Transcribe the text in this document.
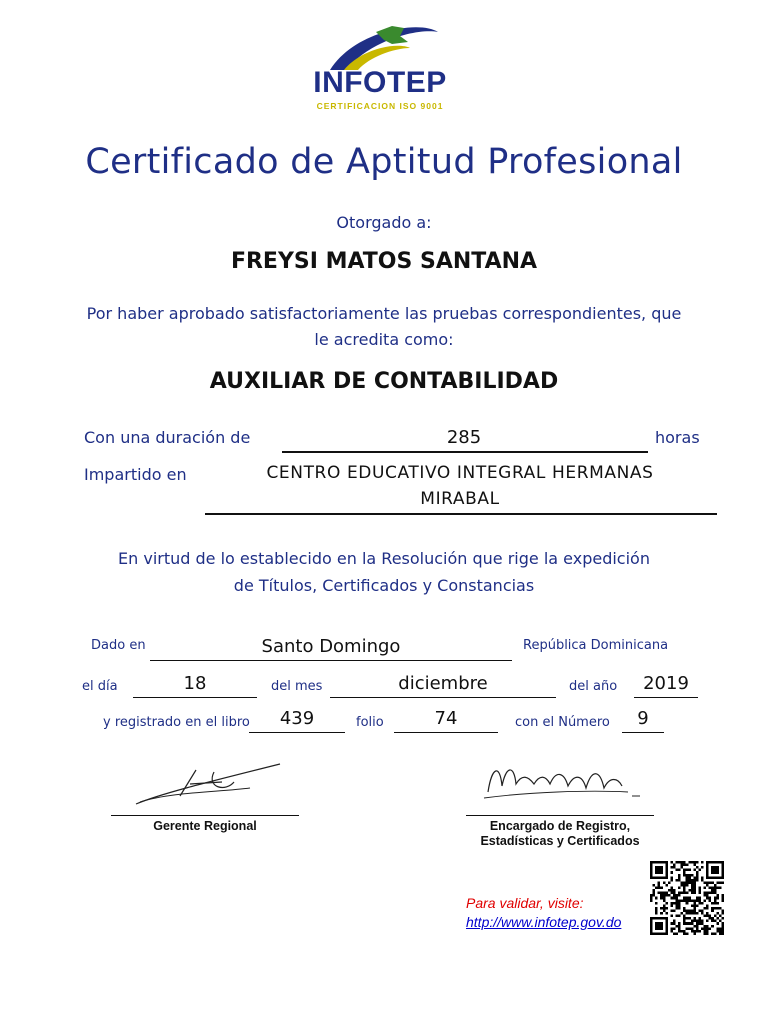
INFOTEP
CERTIFICACION ISO 9001
Certificado de Aptitud Profesional
Otorgado a:
FREYSI MATOS SANTANA
Por haber aprobado satisfactoriamente las pruebas correspondientes, que
le acredita como:
AUXILIAR DE CONTABILIDAD
Con una duración de	285	horas
Impartido en	CENTRO EDUCATIVO INTEGRAL HERMANAS
MIRABAL
En virtud de lo establecido en la Resolución que rige la expedición
de Títulos, Certificados y Constancias
Dado en	Santo Domingo	República Dominicana
el día	18	del mes	diciembre	del año	2019
y registrado en el libro	439	folio	74	con el Número	9
Gerente Regional	Encargado de Registro,
Estadísticas y Certificados
Para validar, visite:
http://www.infotep.gov.do
